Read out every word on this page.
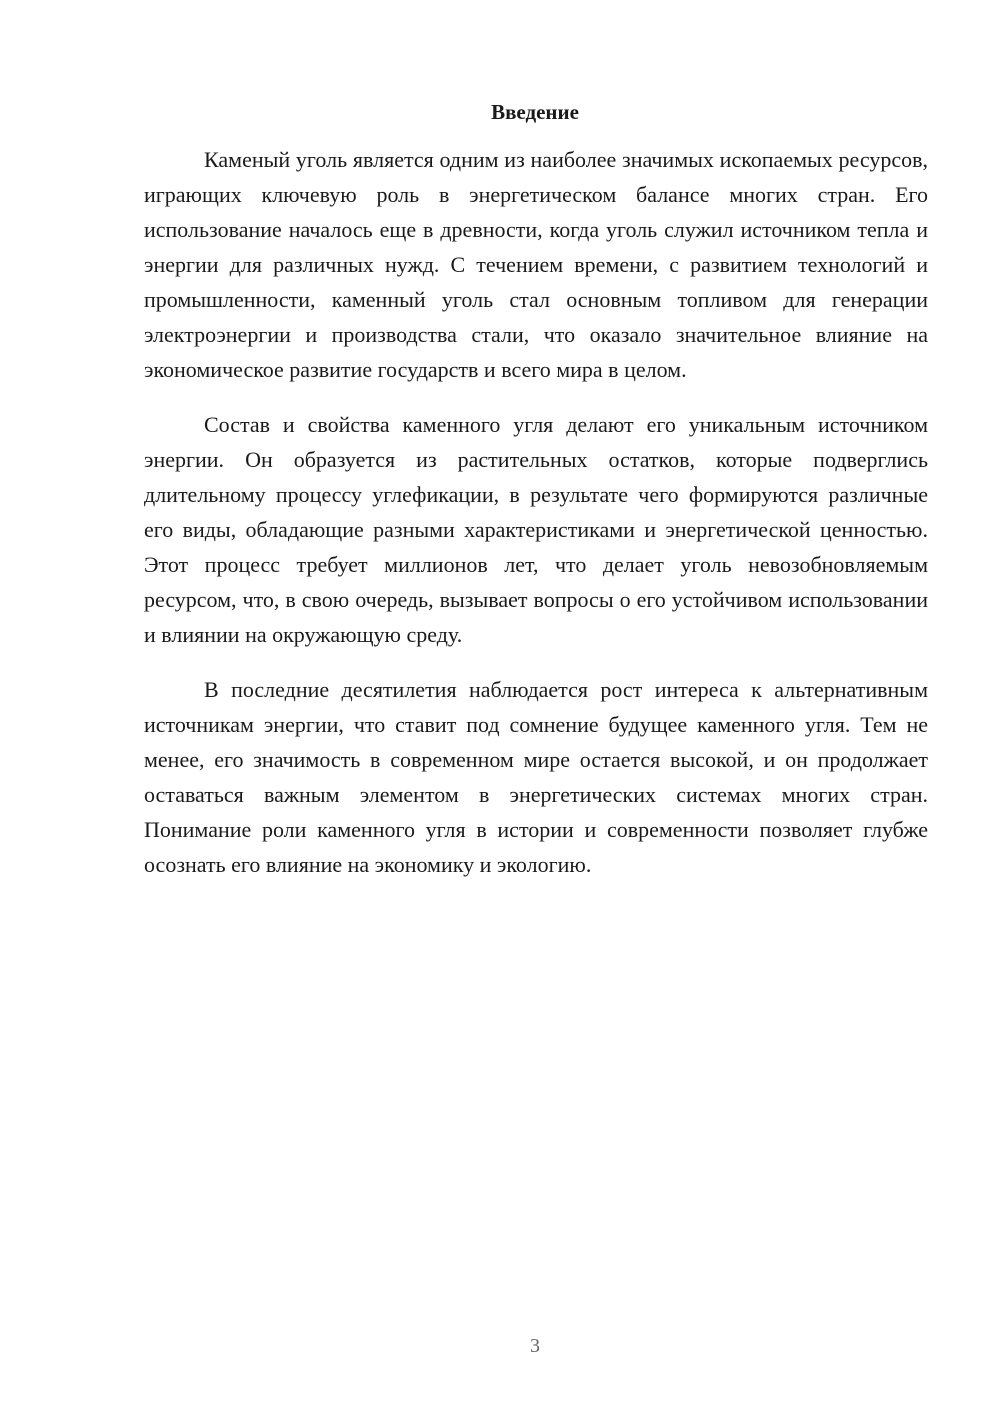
Введение

Каменый уголь является одним из наиболее значимых ископаемых ресурсов, играющих ключевую роль в энергетическом балансе многих стран. Его использование началось еще в древности, когда уголь служил источником тепла и энергии для различных нужд. С течением времени, с развитием технологий и промышленности, каменный уголь стал основным топливом для генерации электроэнергии и производства стали, что оказало значительное влияние на экономическое развитие государств и всего мира в целом.

Состав и свойства каменного угля делают его уникальным источником энергии. Он образуется из растительных остатков, которые подверглись длительному процессу углефикации, в результате чего формируются различные его виды, обладающие разными характеристиками и энергетической ценностью. Этот процесс требует миллионов лет, что делает уголь невозобновляемым ресурсом, что, в свою очередь, вызывает вопросы о его устойчивом использовании и влиянии на окружающую среду.

В последние десятилетия наблюдается рост интереса к альтернативным источникам энергии, что ставит под сомнение будущее каменного угля. Тем не менее, его значимость в современном мире остается высокой, и он продолжает оставаться важным элементом в энергетических системах многих стран. Понимание роли каменного угля в истории и современности позволяет глубже осознать его влияние на экономику и экологию.

3
